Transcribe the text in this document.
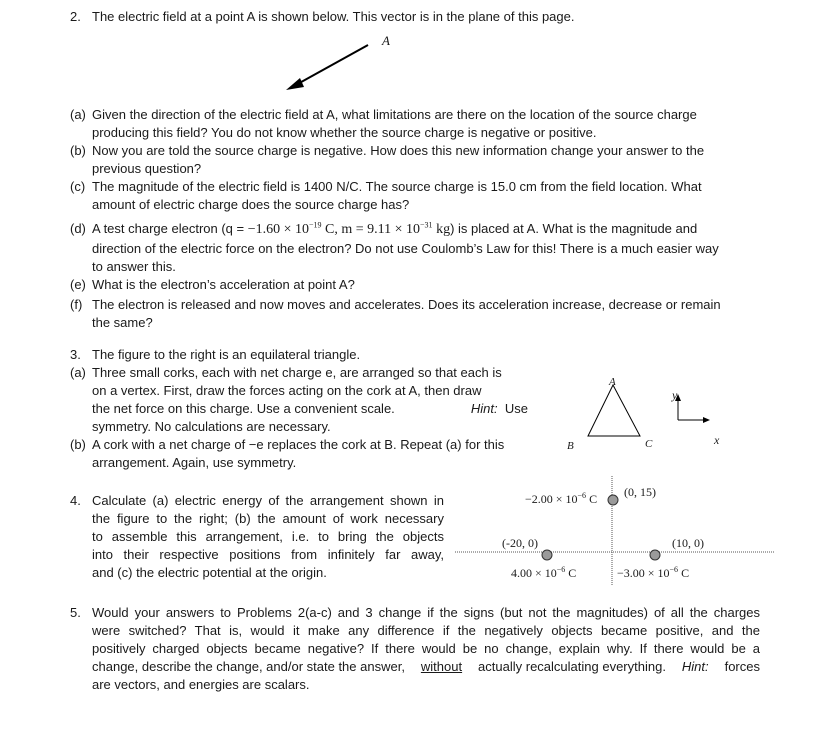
2. The electric field at a point A is shown below. This vector is in the plane of this page.
A
(a) Given the direction of the electric field at A, what limitations are there on the location of the source charge
producing this field? You do not know whether the source charge is negative or positive.
(b) Now you are told the source charge is negative. How does this new information change your answer to the
previous question?
(c) The magnitude of the electric field is 1400 N/C. The source charge is 15.0 cm from the field location. What
amount of electric charge does the source charge has?
(d) A test charge electron ($q = -1.60 \times 10^{-19}$ C, $m = 9.11 \times 10^{-31}$ kg) is placed at A. What is the magnitude and
direction of the electric force on the electron? Do not use Coulomb’s Law for this! There is a much easier way
to answer this.
(e) What is the electron’s acceleration at point A?
(f) The electron is released and now moves and accelerates. Does its acceleration increase, decrease or remain
the same?
3. The figure to the right is an equilateral triangle.
(a) Three small corks, each with net charge e, are arranged so that each is
on a vertex. First, draw the forces acting on the cork at A, then draw
the net force on this charge. Use a convenient scale.	Hint: Use
symmetry. No calculations are necessary.
(b) A cork with a net charge of −e replaces the cork at B. Repeat (a) for this
arrangement. Again, use symmetry.
A
B	C
y
x
4. Calculate (a) electric energy of the arrangement shown in
the figure to the right; (b) the amount of work necessary
to assemble this arrangement, i.e. to bring the objects
into their respective positions from infinitely far away,
and (c) the electric potential at the origin.
$-2.00 \times 10^{-6}$ C (0, 15)
(-20, 0)
$4.00 \times 10^{-6}$ C
(10, 0)
$-3.00 \times 10^{-6}$ C
5. Would your answers to Problems 2(a-c) and 3 change if the signs (but not the magnitudes) of all the charges
were switched? That is, would it make any difference if the negatively objects became positive, and the
positively charged objects became negative? If there would be no change, explain why. If there would be a
change, describe the change, and/or state the answer, without actually recalculating everything. Hint: forces
are vectors, and energies are scalars.
